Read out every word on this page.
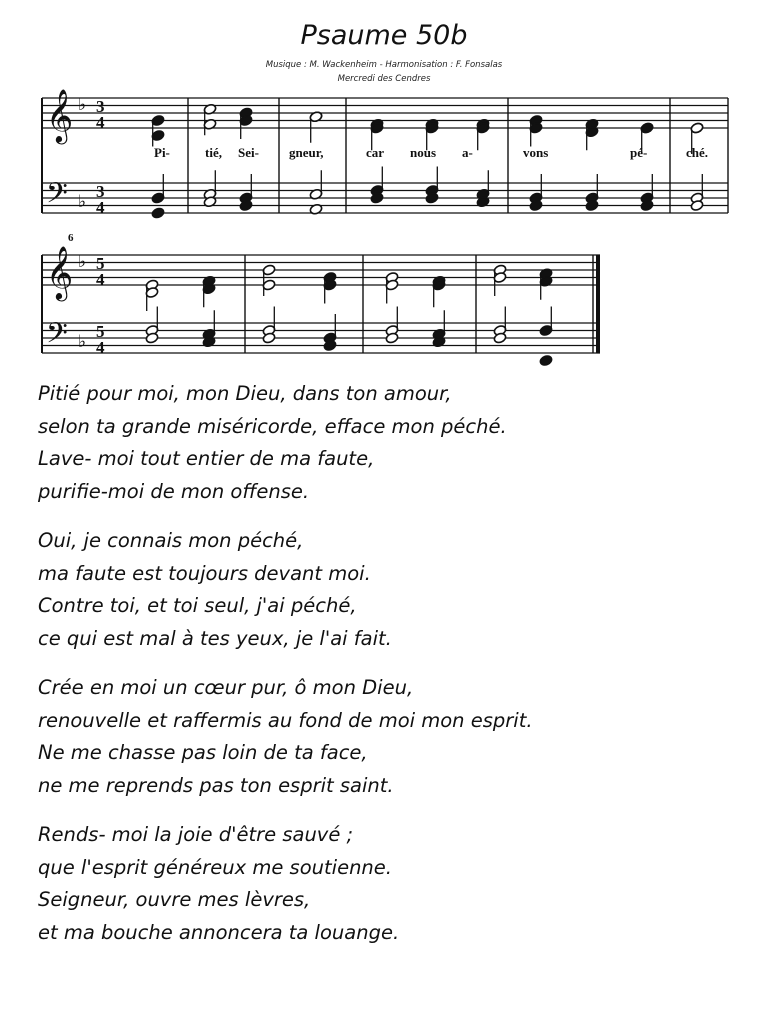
Psaume 50b
Musique : M. Wackenheim - Harmonisation : F. Fonsalas
Mercredi des Cendres
𝄞
𝄢
♭
♭
3
4
3
4
Pi-	tié, Sei- gneur,	car nous a-	vons	pé-	ché.
6
𝄞
𝄢
♭
♭
5
4
5
4
Pitié pour moi, mon Dieu, dans ton amour,
selon ta grande miséricorde, efface mon péché.
Lave- moi tout entier de ma faute,
purifie-moi de mon offense.
Oui, je connais mon péché,
ma faute est toujours devant moi.
Contre toi, et toi seul, j'ai péché,
ce qui est mal à tes yeux, je l'ai fait.
Crée en moi un cœur pur, ô mon Dieu,
renouvelle et raffermis au fond de moi mon esprit.
Ne me chasse pas loin de ta face,
ne me reprends pas ton esprit saint.
Rends- moi la joie d'être sauvé ;
que l'esprit généreux me soutienne.
Seigneur, ouvre mes lèvres,
et ma bouche annoncera ta louange.
